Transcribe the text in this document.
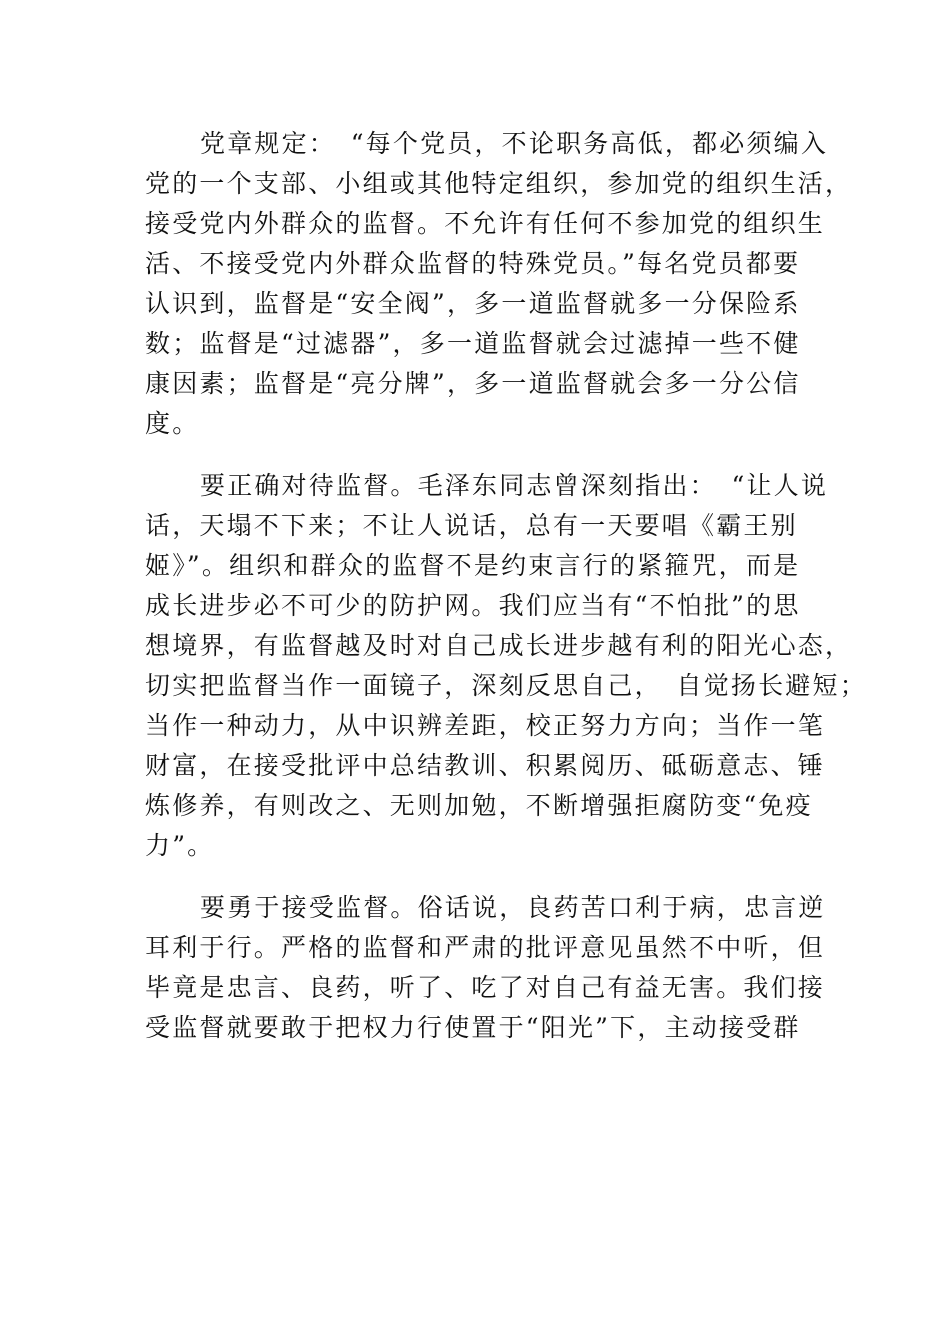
党章规定：　“每个党员，不论职务高低，都必须编入
党的一个支部、小组或其他特定组织，参加党的组织生活，
接受党内外群众的监督。不允许有任何不参加党的组织生
活、不接受党内外群众监督的特殊党员。”每名党员都要
认识到，监督是“安全阀”，多一道监督就多一分保险系
数；监督是“过滤器”，多一道监督就会过滤掉一些不健
康因素；监督是“亮分牌”，多一道监督就会多一分公信
度。
要正确对待监督。毛泽东同志曾深刻指出：　“让人说
话，天塌不下来；不让人说话，总有一天要唱《霸王别
姬》”。组织和群众的监督不是约束言行的紧箍咒，而是
成长进步必不可少的防护网。我们应当有“不怕批”的思
想境界，有监督越及时对自己成长进步越有利的阳光心态，
切实把监督当作一面镜子，深刻反思自己，　自觉扬长避短；
当作一种动力，从中识辨差距，校正努力方向；当作一笔
财富，在接受批评中总结教训、积累阅历、砥砺意志、锤
炼修养，有则改之、无则加勉，不断增强拒腐防变“免疫
力”。
要勇于接受监督。俗话说，良药苦口利于病，忠言逆
耳利于行。严格的监督和严肃的批评意见虽然不中听，但
毕竟是忠言、良药，听了、吃了对自己有益无害。我们接
受监督就要敢于把权力行使置于“阳光”下，主动接受群
